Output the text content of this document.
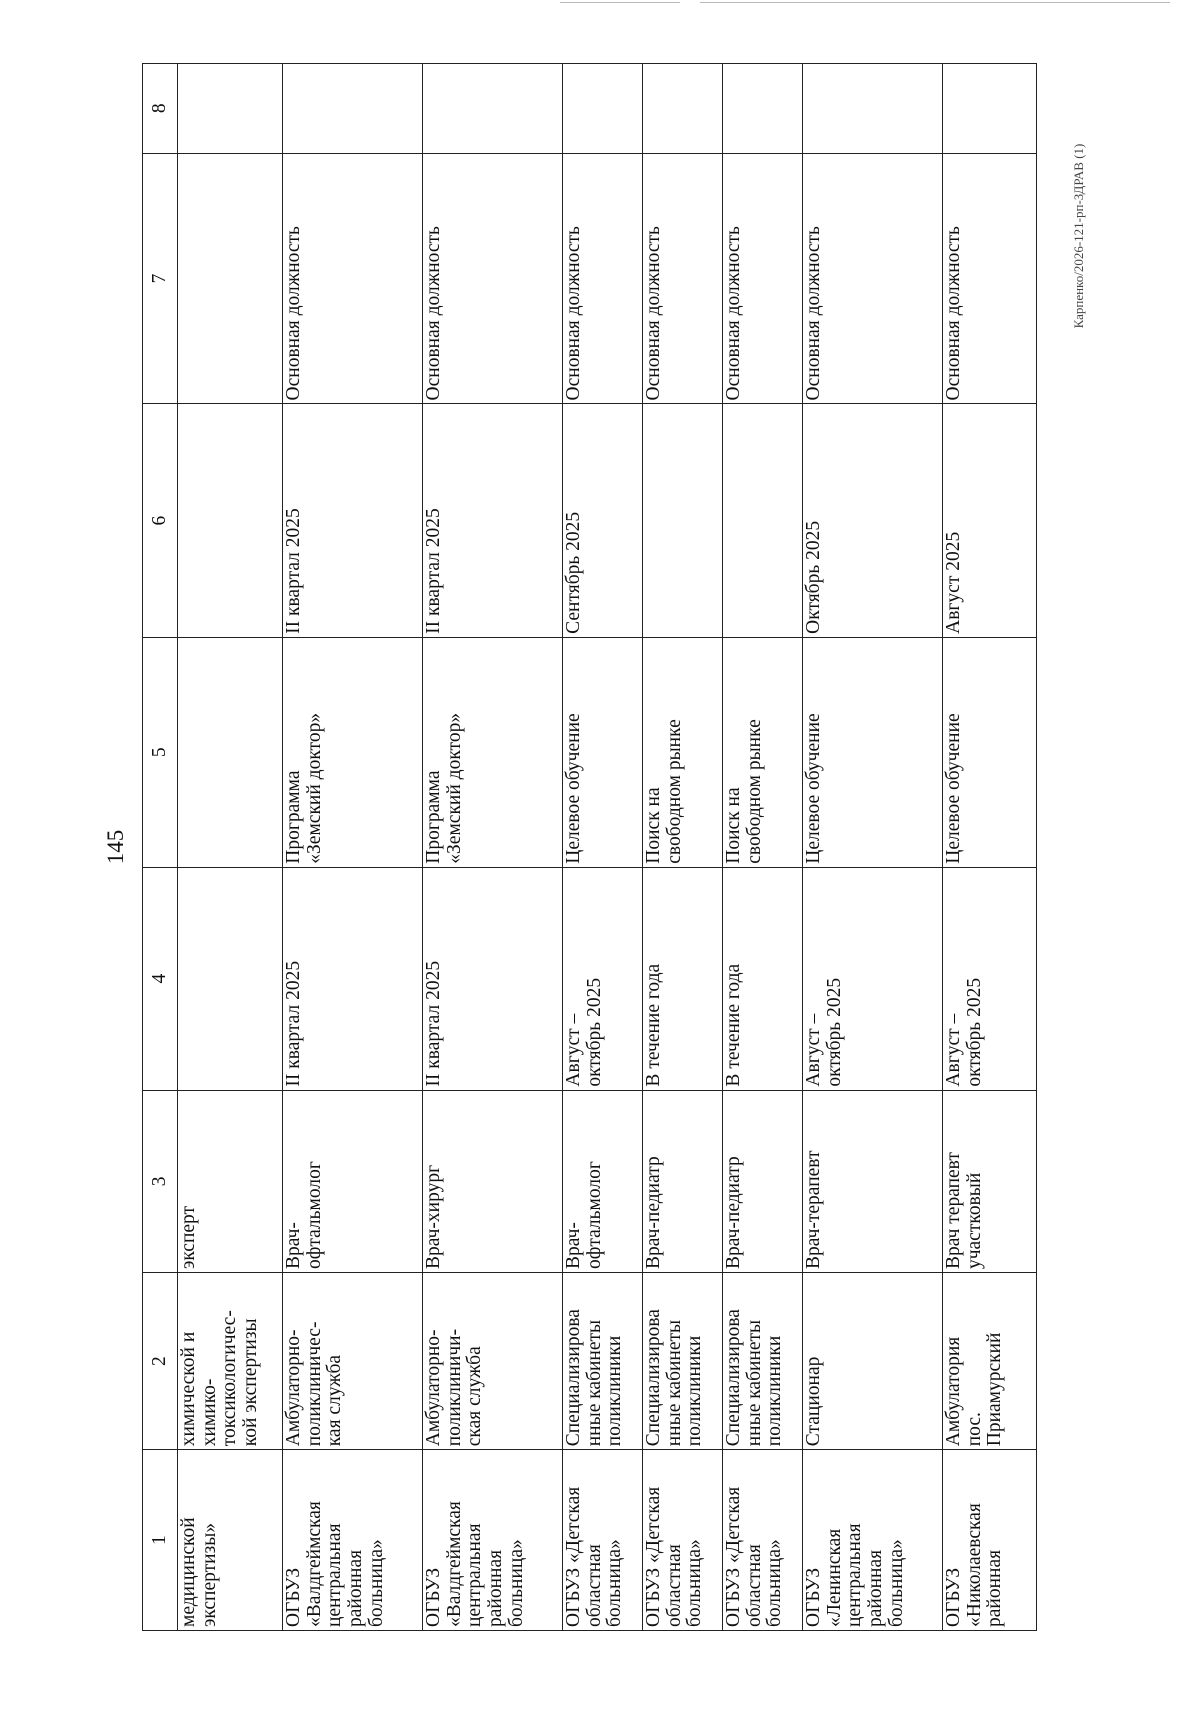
145
Карпенко/2026-121-рп-ЗДРАВ (1)
1	2	3	4	5	6	7	8
медицинской
экспертизы»	химической и
химико-
токсикологичес-
кой экспертизы	эксперт					
ОГБУЗ
«Валдгеймская
центральная
районная
больница»	Амбулаторно-
поликлиничес-
кая служба	Врач-
офтальмолог	II квартал 2025	Программа
«Земский доктор»	II квартал 2025	Основная должность	
ОГБУЗ
«Валдгеймская
центральная
районная
больница»	Амбулаторно-
поликлиничи-
ская служба	Врач-хирург	II квартал 2025	Программа
«Земский доктор»	II квартал 2025	Основная должность	
ОГБУЗ «Детская
областная
больница»	Специализирова
нные кабинеты
поликлиники	Врач-
офтальмолог	Август –
октябрь 2025	Целевое обучение	Сентябрь 2025	Основная должность	
ОГБУЗ «Детская
областная
больница»	Специализирова
нные кабинеты
поликлиники	Врач-педиатр	В течение года	Поиск на
свободном рынке		Основная должность	
ОГБУЗ «Детская
областная
больница»	Специализирова
нные кабинеты
поликлиники	Врач-педиатр	В течение года	Поиск на
свободном рынке		Основная должность	
ОГБУЗ
«Ленинская
центральная
районная
больница»	Стационар	Врач-терапевт	Август –
октябрь 2025	Целевое обучение	Октябрь 2025	Основная должность	
ОГБУЗ
«Николаевская
районная	Амбулатория
пос.
Приамурский	Врач терапевт
участковый	Август –
октябрь 2025	Целевое обучение	Август 2025	Основная должность	
